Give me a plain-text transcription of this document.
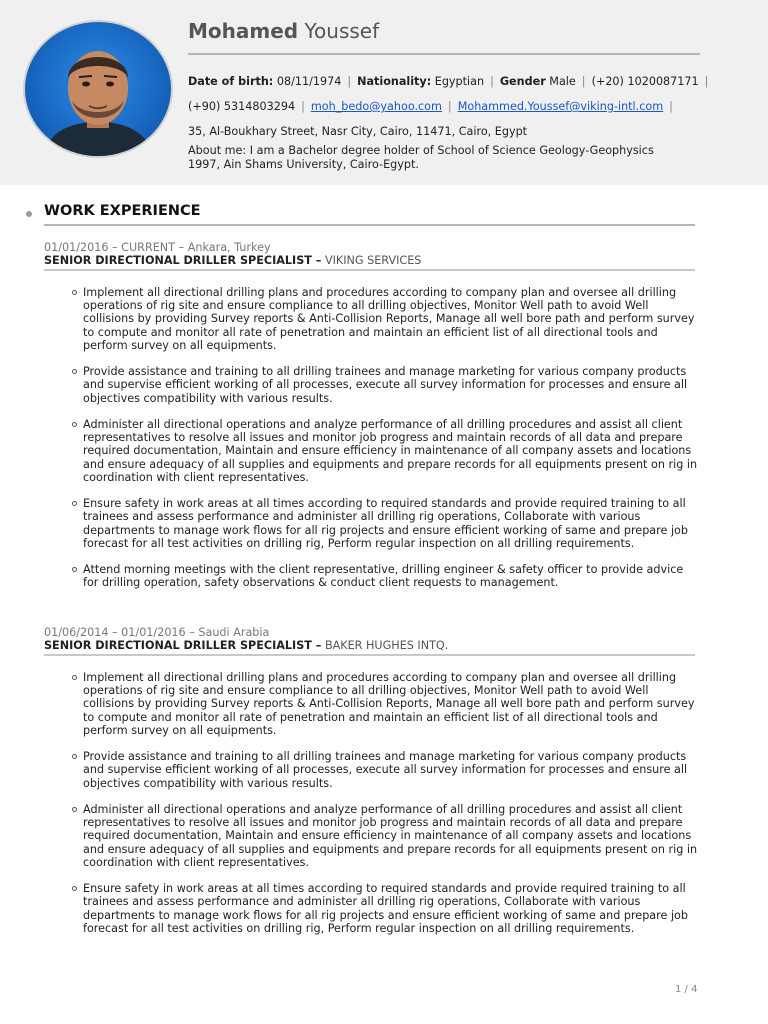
Mohamed Youssef
Date of birth: 08/11/1974 | Nationality: Egyptian | Gender Male | (+20) 1020087171 |
(+90) 5314803294 | moh_bedo@yahoo.com | Mohammed.Youssef@viking-intl.com |
35, Al-Boukhary Street, Nasr City, Cairo, 11471, Cairo, Egypt
About me: I am a Bachelor degree holder of School of Science Geology-Geophysics
1997, Ain Shams University, Cairo-Egypt.
WORK EXPERIENCE
01/01/2016 – CURRENT – Ankara, Turkey
SENIOR DIRECTIONAL DRILLER SPECIALIST – VIKING SERVICES
Implement all directional drilling plans and procedures according to company plan and oversee all drilling operations of rig site and ensure compliance to all drilling objectives, Monitor Well path to avoid Well collisions by providing Survey reports & Anti-Collision Reports, Manage all well bore path and perform survey to compute and monitor all rate of penetration and maintain an efficient list of all directional tools and perform survey on all equipments.
Provide assistance and training to all drilling trainees and manage marketing for various company products and supervise efficient working of all processes, execute all survey information for processes and ensure all objectives compatibility with various results.
Administer all directional operations and analyze performance of all drilling procedures and assist all client representatives to resolve all issues and monitor job progress and maintain records of all data and prepare required documentation, Maintain and ensure efficiency in maintenance of all company assets and locations and ensure adequacy of all supplies and equipments and prepare records for all equipments present on rig in coordination with client representatives.
Ensure safety in work areas at all times according to required standards and provide required training to all trainees and assess performance and administer all drilling rig operations, Collaborate with various departments to manage work flows for all rig projects and ensure efficient working of same and prepare job forecast for all test activities on drilling rig, Perform regular inspection on all drilling requirements.
Attend morning meetings with the client representative, drilling engineer & safety officer to provide advice for drilling operation, safety observations & conduct client requests to management.
01/06/2014 – 01/01/2016 – Saudi Arabia
SENIOR DIRECTIONAL DRILLER SPECIALIST – BAKER HUGHES INTQ.
Implement all directional drilling plans and procedures according to company plan and oversee all drilling operations of rig site and ensure compliance to all drilling objectives, Monitor Well path to avoid Well collisions by providing Survey reports & Anti-Collision Reports, Manage all well bore path and perform survey to compute and monitor all rate of penetration and maintain an efficient list of all directional tools and perform survey on all equipments.
Provide assistance and training to all drilling trainees and manage marketing for various company products and supervise efficient working of all processes, execute all survey information for processes and ensure all objectives compatibility with various results.
Administer all directional operations and analyze performance of all drilling procedures and assist all client representatives to resolve all issues and monitor job progress and maintain records of all data and prepare required documentation, Maintain and ensure efficiency in maintenance of all company assets and locations and ensure adequacy of all supplies and equipments and prepare records for all equipments present on rig in coordination with client representatives.
Ensure safety in work areas at all times according to required standards and provide required training to all trainees and assess performance and administer all drilling rig operations, Collaborate with various departments to manage work flows for all rig projects and ensure efficient working of same and prepare job forecast for all test activities on drilling rig, Perform regular inspection on all drilling requirements.
1 / 4
